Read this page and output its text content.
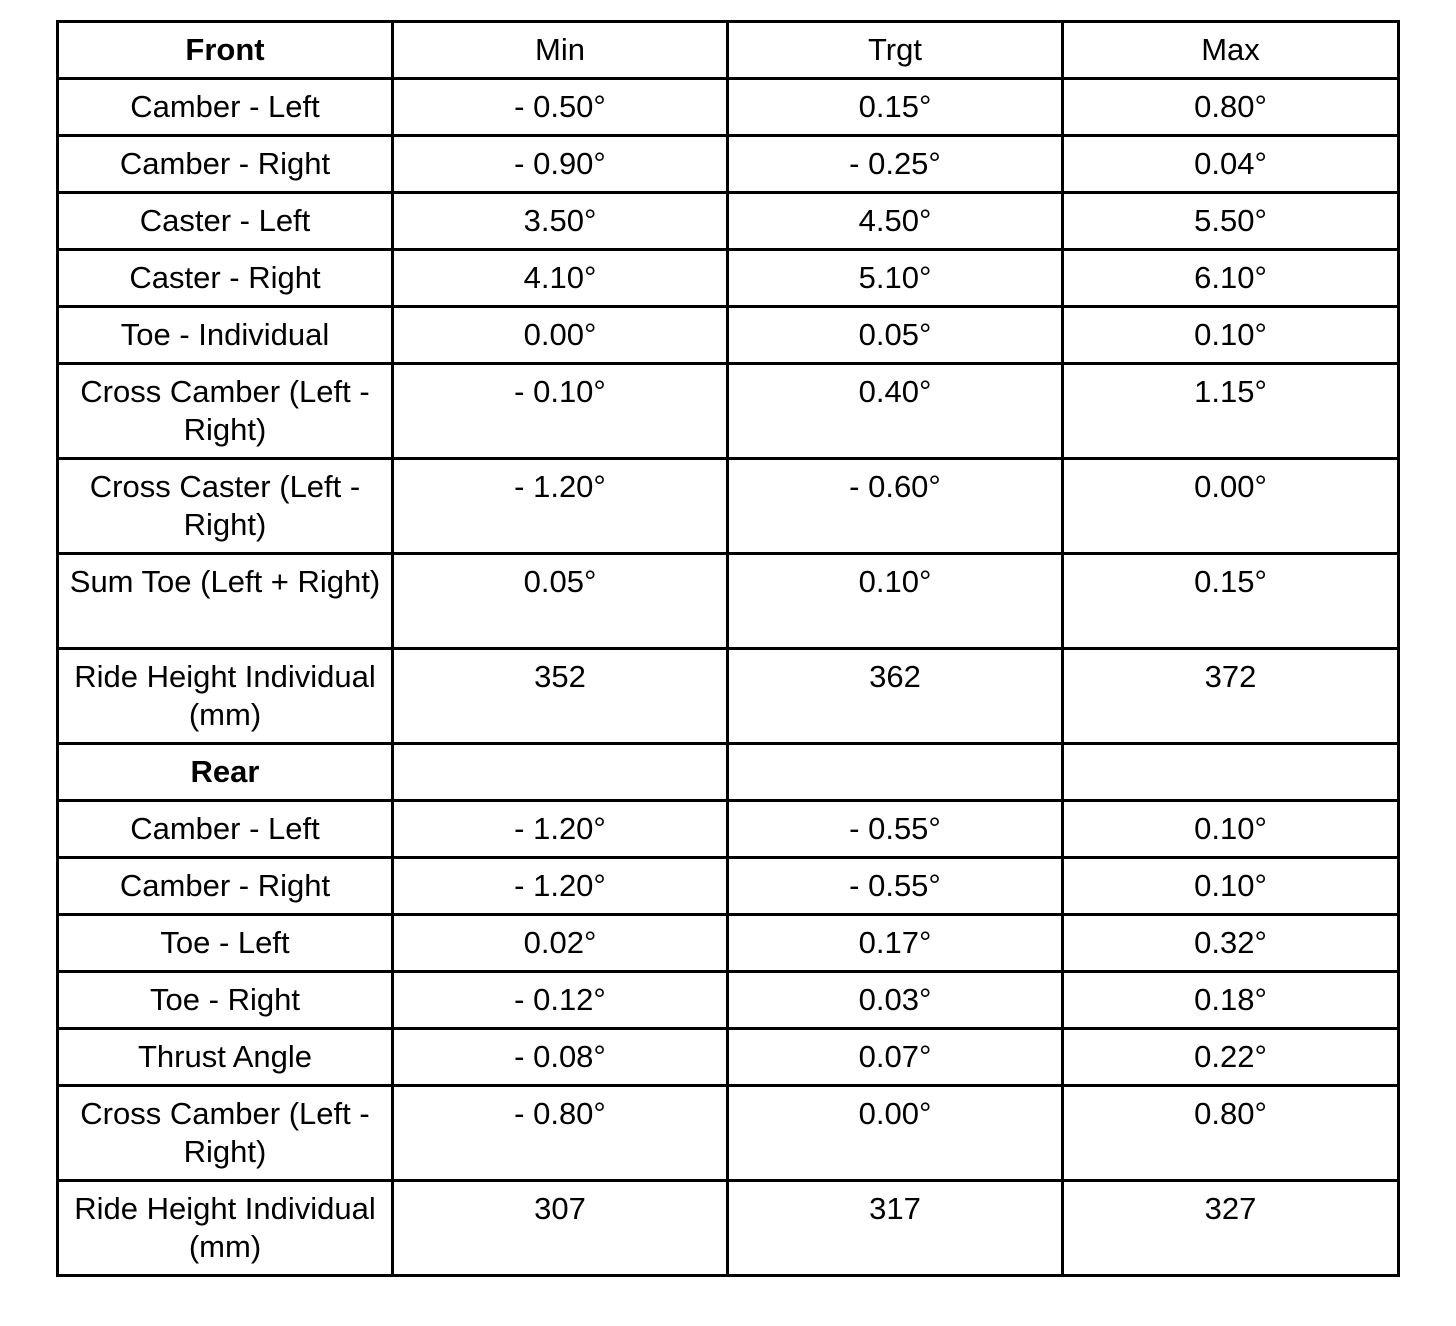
Front	Min	Trgt	Max
Camber - Left	- 0.50°	0.15°	0.80°
Camber - Right	- 0.90°	- 0.25°	0.04°
Caster - Left	3.50°	4.50°	5.50°
Caster - Right	4.10°	5.10°	6.10°
Toe - Individual	0.00°	0.05°	0.10°
Cross Camber (Left - Right)	- 0.10°	0.40°	1.15°
Cross Caster (Left - Right)	- 1.20°	- 0.60°	0.00°
Sum Toe (Left + Right)	0.05°	0.10°	0.15°
Ride Height Individual (mm)	352	362	372
Rear			
Camber - Left	- 1.20°	- 0.55°	0.10°
Camber - Right	- 1.20°	- 0.55°	0.10°
Toe - Left	0.02°	0.17°	0.32°
Toe - Right	- 0.12°	0.03°	0.18°
Thrust Angle	- 0.08°	0.07°	0.22°
Cross Camber (Left - Right)	- 0.80°	0.00°	0.80°
Ride Height Individual (mm)	307	317	327
